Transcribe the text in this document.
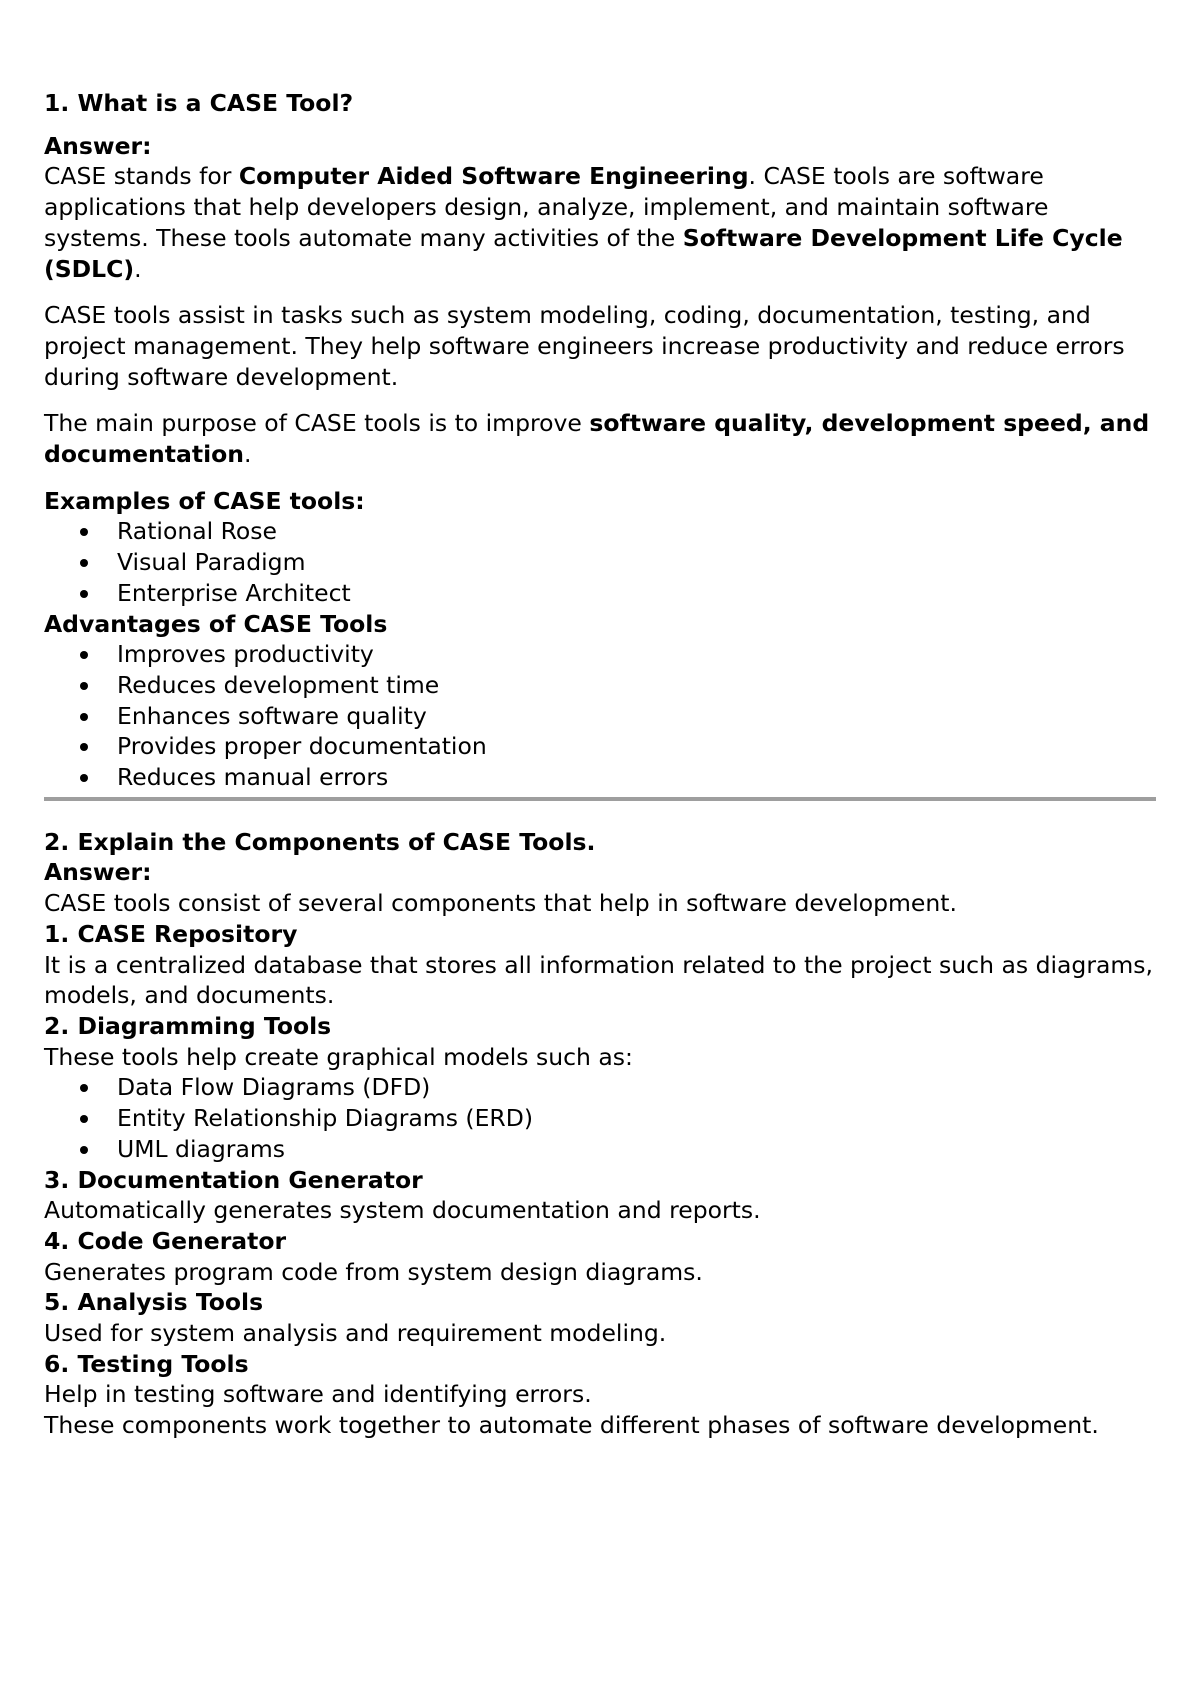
1. What is a CASE Tool?

Answer:

CASE stands for Computer Aided Software Engineering. CASE tools are software applications that help developers design, analyze, implement, and maintain software systems. These tools automate many activities of the Software Development Life Cycle (SDLC).

CASE tools assist in tasks such as system modeling, coding, documentation, testing, and project management. They help software engineers increase productivity and reduce errors during software development.

The main purpose of CASE tools is to improve software quality, development speed, and documentation.

Examples of CASE tools:

Rational Rose
Visual Paradigm
Enterprise Architect

Advantages of CASE Tools

Improves productivity
Reduces development time
Enhances software quality
Provides proper documentation
Reduces manual errors

2. Explain the Components of CASE Tools.

Answer:

CASE tools consist of several components that help in software development.

1. CASE Repository

It is a centralized database that stores all information related to the project such as diagrams, models, and documents.

2. Diagramming Tools

These tools help create graphical models such as:

Data Flow Diagrams (DFD)
Entity Relationship Diagrams (ERD)
UML diagrams

3. Documentation Generator

Automatically generates system documentation and reports.

4. Code Generator

Generates program code from system design diagrams.

5. Analysis Tools

Used for system analysis and requirement modeling.

6. Testing Tools

Help in testing software and identifying errors.

These components work together to automate different phases of software development.
